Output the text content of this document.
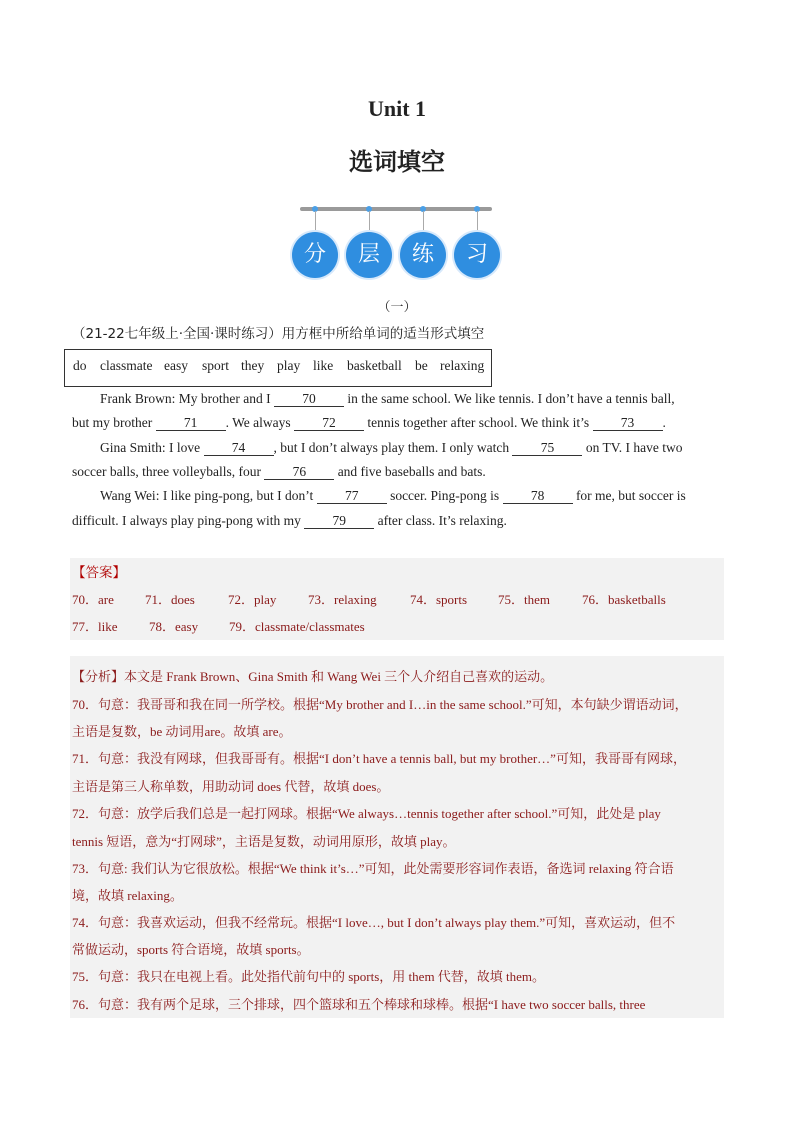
Unit 1
选词填空
分	层	练	习
（一）
（21-22七年级上·全国·课时练习）用方框中所给单词的适当形式填空
do classmate easy sport they play like basketball be relaxing
Frank Brown: My brother and I 70 in the same school. We like tennis. I don’t have a tennis ball,
but my brother 71 . We always 72 tennis together after school. We think it’s 73 .
Gina Smith: I love 74 , but I don’t always play them. I only watch 75 on TV. I have two
soccer balls, three volleyballs, four 76 and five baseballs and bats.
Wang Wei: I like ping-pong, but I don’t 77 soccer. Ping-pong is 78 for me, but soccer is
difficult. I always play ping-pong with my 79 after class. It’s relaxing.
【答案】
70．are 71．does	72．play 73．relaxing	74．sports 75．them 76．basketballs
77．like 78．easy 79．classmate/classmates
【分析】本文是 Frank Brown、Gina Smith 和 Wang Wei 三个人介绍自己喜欢的运动。
70．句意：我哥哥和我在同一所学校。根据“My brother and I…in the same school.”可知，本句缺少谓语动词，
主语是复数，be 动词用are。故填 are。
71．句意：我没有网球，但我哥哥有。根据“I don’t have a tennis ball, but my brother…”可知，我哥哥有网球，
主语是第三人称单数，用助动词 does 代替，故填 does。
72．句意：放学后我们总是一起打网球。根据“We always…tennis together after school.”可知，此处是 play
tennis 短语，意为“打网球”，主语是复数，动词用原形，故填 play。
73．句意: 我们认为它很放松。根据“We think it’s…”可知，此处需要形容词作表语，备选词 relaxing 符合语
境，故填 relaxing。
74．句意：我喜欢运动，但我不经常玩。根据“I love…, but I don’t always play them.”可知，喜欢运动，但不
常做运动，sports 符合语境，故填 sports。
75．句意：我只在电视上看。此处指代前句中的 sports，用 them 代替，故填 them。
76．句意：我有两个足球，三个排球，四个篮球和五个棒球和球棒。根据“I have two soccer balls, three
